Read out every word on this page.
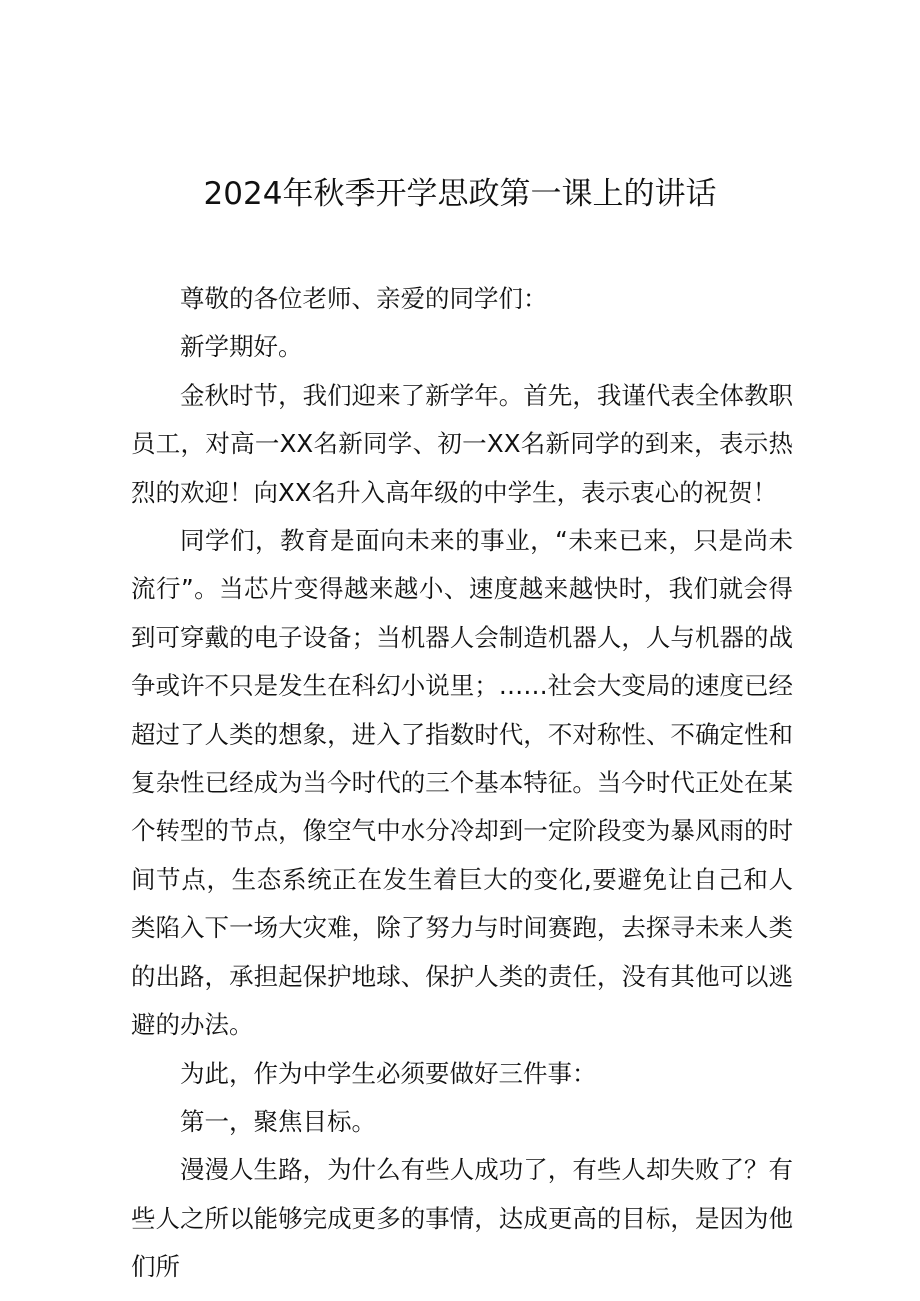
2024年秋季开学思政第一课上的讲话

尊敬的各位老师、亲爱的同学们：

新学期好。

金秋时节，我们迎来了新学年。首先，我谨代表全体教职员工，对高一XX名新同学、初一XX名新同学的到来，表示热烈的欢迎！向XX名升入高年级的中学生，表示衷心的祝贺！

同学们，教育是面向未来的事业，“未来已来，只是尚未流行”。当芯片变得越来越小、速度越来越快时，我们就会得到可穿戴的电子设备；当机器人会制造机器人，人与机器的战争或许不只是发生在科幻小说里；……社会大变局的速度已经超过了人类的想象，进入了指数时代，不对称性、不确定性和复杂性已经成为当今时代的三个基本特征。当今时代正处在某个转型的节点，像空气中水分冷却到一定阶段变为暴风雨的时间节点，生态系统正在发生着巨大的变化,要避免让自己和人类陷入下一场大灾难，除了努力与时间赛跑，去探寻未来人类的出路，承担起保护地球、保护人类的责任，没有其他可以逃避的办法。

为此，作为中学生必须要做好三件事：

第一，聚焦目标。

漫漫人生路，为什么有些人成功了，有些人却失败了？有些人之所以能够完成更多的事情，达成更高的目标，是因为他们所
